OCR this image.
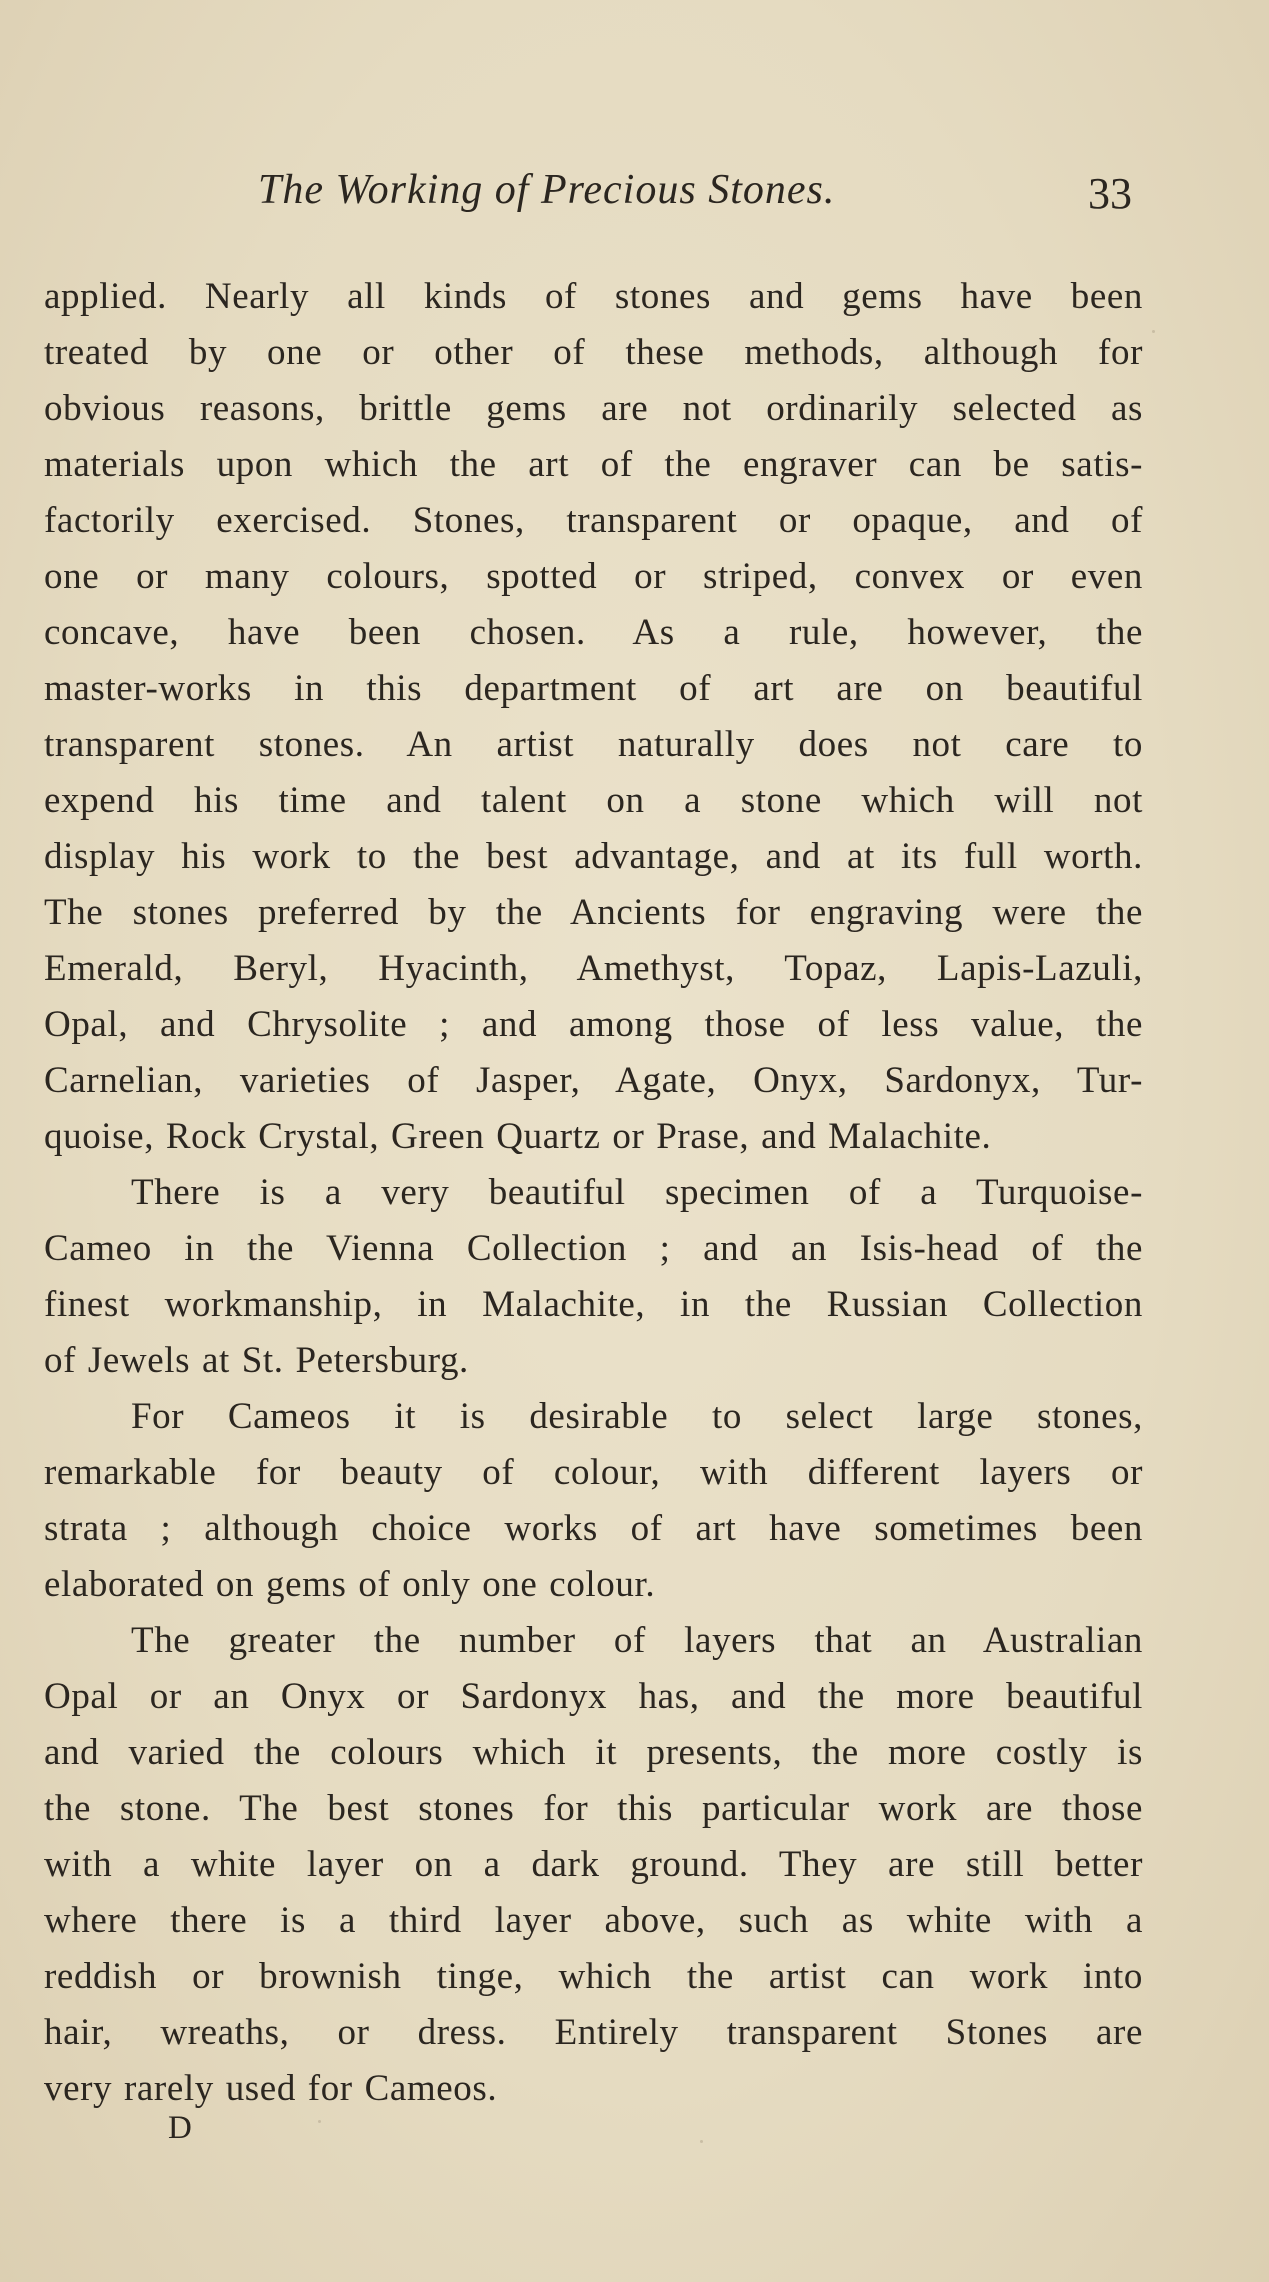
The Working of Precious Stones.	33
applied. Nearly all kinds of stones and gems have been
treated by one or other of these methods, although for
obvious reasons, brittle gems are not ordinarily selected as
materials upon which the art of the engraver can be satis-
factorily exercised. Stones, transparent or opaque, and of
one or many colours, spotted or striped, convex or even
concave, have been chosen. As a rule, however, the
master-works in this department of art are on beautiful
transparent stones. An artist naturally does not care to
expend his time and talent on a stone which will not
display his work to the best advantage, and at its full worth.
The stones preferred by the Ancients for engraving were the
Emerald, Beryl, Hyacinth, Amethyst, Topaz, Lapis-Lazuli,
Opal, and Chrysolite ; and among those of less value, the
Carnelian, varieties of Jasper, Agate, Onyx, Sardonyx, Tur-
quoise, Rock Crystal, Green Quartz or Prase, and Malachite.
There is a very beautiful specimen of a Turquoise-
Cameo in the Vienna Collection ; and an Isis-head of the
finest workmanship, in Malachite, in the Russian Collection
of Jewels at St. Petersburg.
For Cameos it is desirable to select large stones,
remarkable for beauty of colour, with different layers or
strata ; although choice works of art have sometimes been
elaborated on gems of only one colour.
The greater the number of layers that an Australian
Opal or an Onyx or Sardonyx has, and the more beautiful
and varied the colours which it presents, the more costly is
the stone. The best stones for this particular work are those
with a white layer on a dark ground. They are still better
where there is a third layer above, such as white with a
reddish or brownish tinge, which the artist can work into
hair, wreaths, or dress. Entirely transparent Stones are
very rarely used for Cameos.
D
